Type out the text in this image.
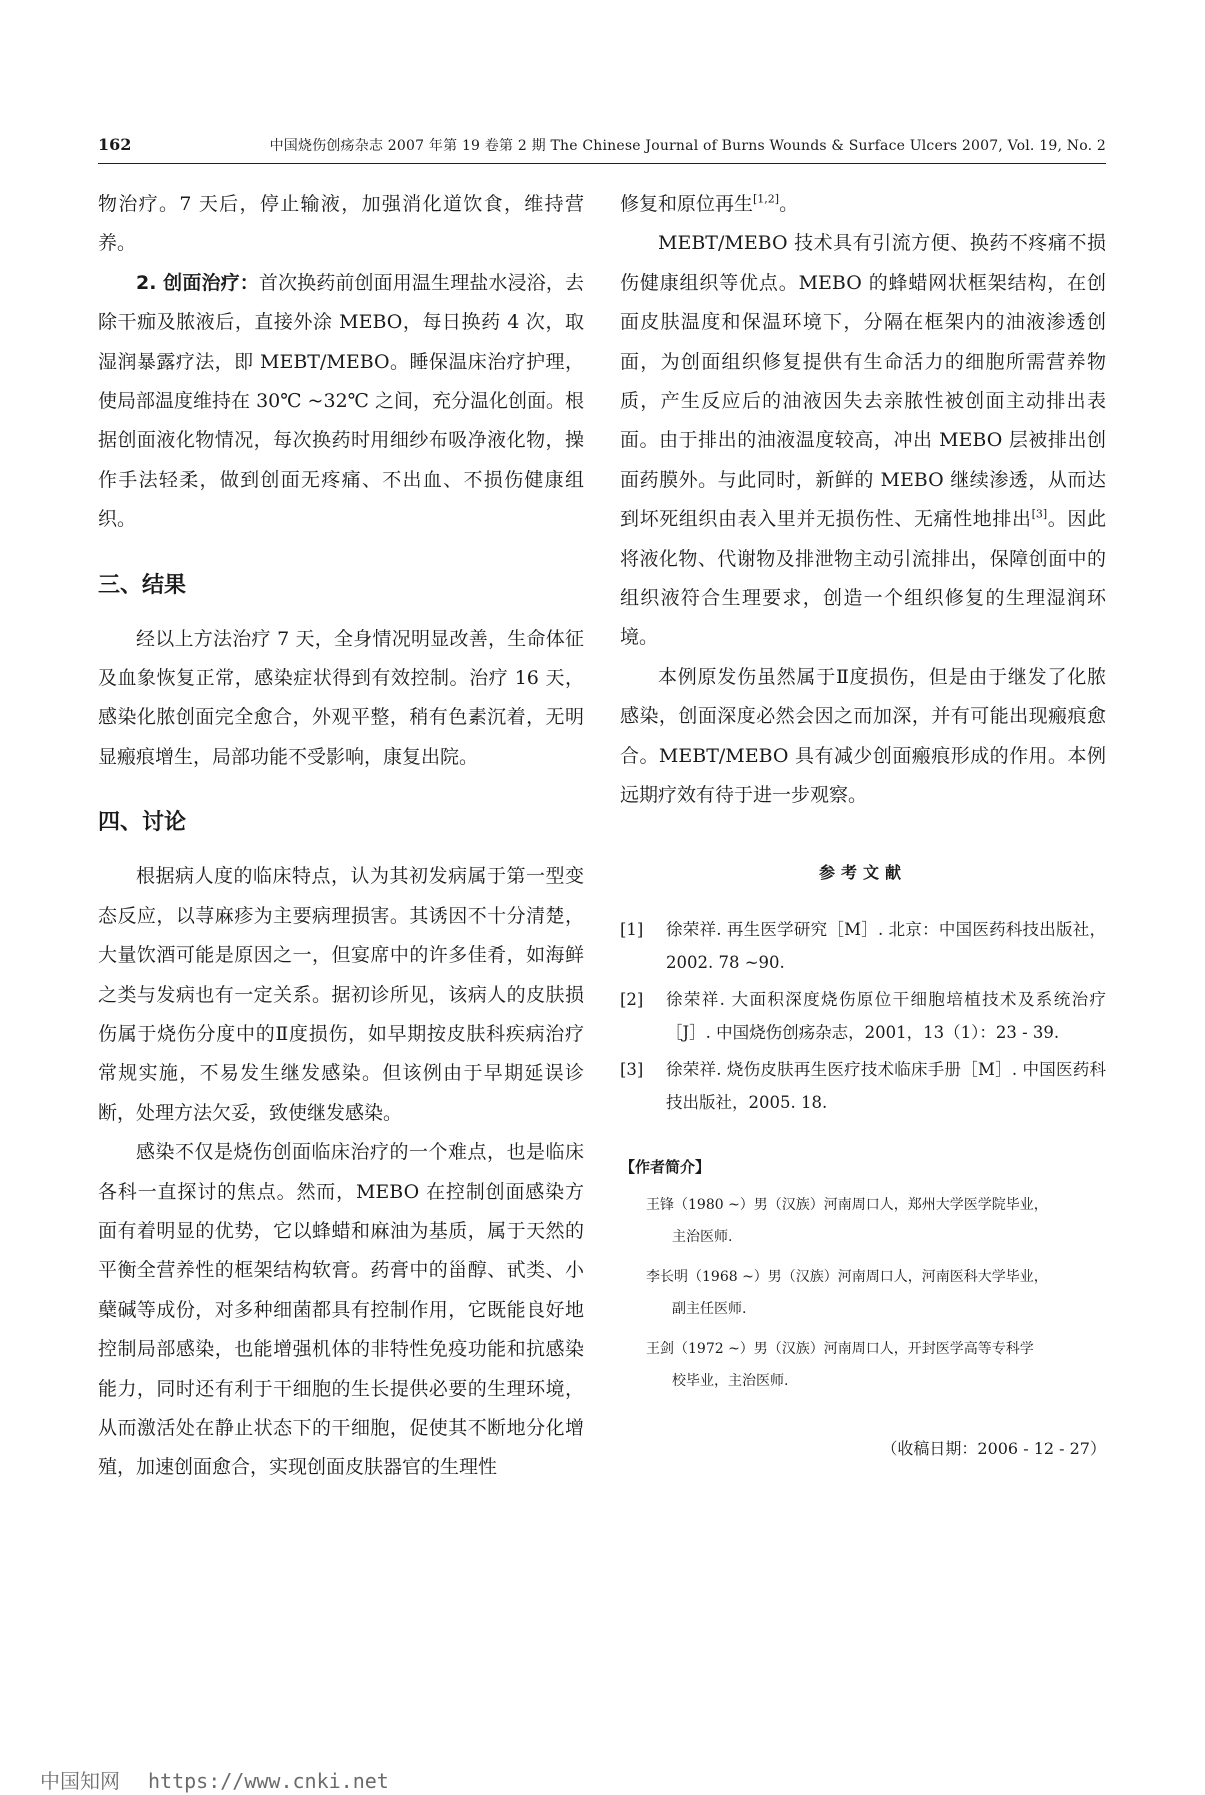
162	中国烧伤创疡杂志 2007 年第 19 卷第 2 期 The Chinese Journal of Burns Wounds & Surface Ulcers 2007, Vol. 19, No. 2

物治疗。7 天后，停止输液，加强消化道饮食，维持营养。

2. 创面治疗：首次换药前创面用温生理盐水浸浴，去除干痂及脓液后，直接外涂 MEBO，每日换药 4 次，取湿润暴露疗法，即 MEBT/MEBO。睡保温床治疗护理，使局部温度维持在 30℃ ~32℃ 之间，充分温化创面。根据创面液化物情况，每次换药时用细纱布吸净液化物，操作手法轻柔，做到创面无疼痛、不出血、不损伤健康组织。

三、结果

经以上方法治疗 7 天，全身情况明显改善，生命体征及血象恢复正常，感染症状得到有效控制。治疗 16 天，感染化脓创面完全愈合，外观平整，稍有色素沉着，无明显瘢痕增生，局部功能不受影响，康复出院。

四、讨论

根据病人度的临床特点，认为其初发病属于第一型变态反应，以荨麻疹为主要病理损害。其诱因不十分清楚，大量饮酒可能是原因之一，但宴席中的许多佳肴，如海鲜之类与发病也有一定关系。据初诊所见，该病人的皮肤损伤属于烧伤分度中的Ⅱ度损伤，如早期按皮肤科疾病治疗常规实施，不易发生继发感染。但该例由于早期延误诊断，处理方法欠妥，致使继发感染。

感染不仅是烧伤创面临床治疗的一个难点，也是临床各科一直探讨的焦点。然而，MEBO 在控制创面感染方面有着明显的优势，它以蜂蜡和麻油为基质，属于天然的平衡全营养性的框架结构软膏。药膏中的甾醇、甙类、小蘖碱等成份，对多种细菌都具有控制作用，它既能良好地控制局部感染，也能增强机体的非特性免疫功能和抗感染能力，同时还有利于干细胞的生长提供必要的生理环境，从而激活处在静止状态下的干细胞，促使其不断地分化增殖，加速创面愈合，实现创面皮肤器官的生理性

修复和原位再生[1,2]。

MEBT/MEBO 技术具有引流方便、换药不疼痛不损伤健康组织等优点。MEBO 的蜂蜡网状框架结构，在创面皮肤温度和保温环境下，分隔在框架内的油液渗透创面，为创面组织修复提供有生命活力的细胞所需营养物质，产生反应后的油液因失去亲脓性被创面主动排出表面。由于排出的油液温度较高，冲出 MEBO 层被排出创面药膜外。与此同时，新鲜的 MEBO 继续渗透，从而达到坏死组织由表入里并无损伤性、无痛性地排出[3]。因此将液化物、代谢物及排泄物主动引流排出，保障创面中的组织液符合生理要求，创造一个组织修复的生理湿润环境。

本例原发伤虽然属于Ⅱ度损伤，但是由于继发了化脓感染，创面深度必然会因之而加深，并有可能出现瘢痕愈合。MEBT/MEBO 具有减少创面瘢痕形成的作用。本例远期疗效有待于进一步观察。

参考文献
[1]	徐荣祥. 再生医学研究［M］. 北京：中国医药科技出版社，2002. 78 ~90.
[2]	徐荣祥. 大面积深度烧伤原位干细胞培植技术及系统治疗［J］. 中国烧伤创疡杂志，2001，13（1）：23 - 39.
[3]	徐荣祥. 烧伤皮肤再生医疗技术临床手册［M］. 中国医药科技出版社，2005. 18.
【作者简介】
王锋（1980 ~）男（汉族）河南周口人，郑州大学医学院毕业，
主治医师.
李长明（1968 ~）男（汉族）河南周口人，河南医科大学毕业，
副主任医师.
王剑（1972 ~）男（汉族）河南周口人，开封医学高等专科学
校毕业，主治医师.
（收稿日期：2006 - 12 - 27）
中国知网 https://www.cnki.net
